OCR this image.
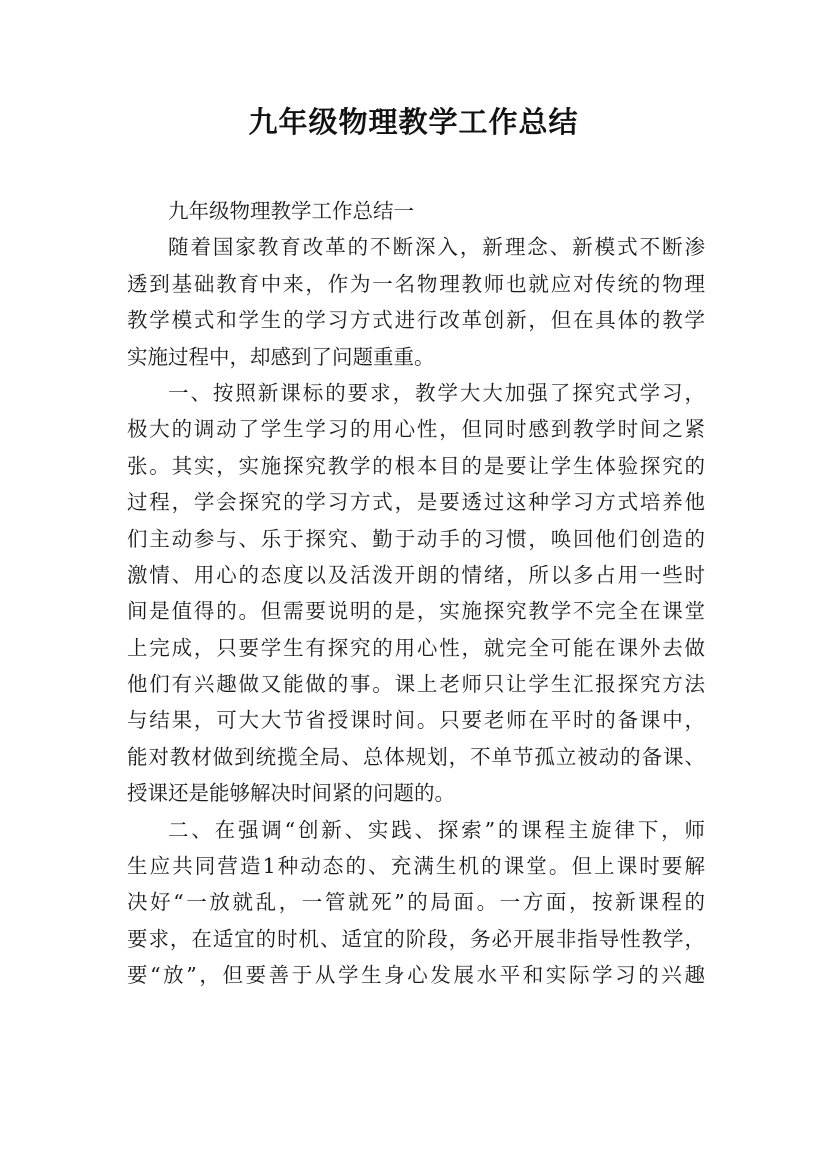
九年级物理教学工作总结
九年级物理教学工作总结一
随着国家教育改革的不断深入，新理念、新模式不断渗
透到基础教育中来，作为一名物理教师也就应对传统的物理
教学模式和学生的学习方式进行改革创新，但在具体的教学
实施过程中，却感到了问题重重。
一、按照新课标的要求，教学大大加强了探究式学习，
极大的调动了学生学习的用心性，但同时感到教学时间之紧
张。其实，实施探究教学的根本目的是要让学生体验探究的
过程，学会探究的学习方式，是要透过这种学习方式培养他
们主动参与、乐于探究、勤于动手的习惯，唤回他们创造的
激情、用心的态度以及活泼开朗的情绪，所以多占用一些时
间是值得的。但需要说明的是，实施探究教学不完全在课堂
上完成，只要学生有探究的用心性，就完全可能在课外去做
他们有兴趣做又能做的事。课上老师只让学生汇报探究方法
与结果，可大大节省授课时间。只要老师在平时的备课中，
能对教材做到统揽全局、总体规划，不单节孤立被动的备课、
授课还是能够解决时间紧的问题的。
二、在强调“创新、实践、探索”的课程主旋律下，师
生应共同营造1种动态的、充满生机的课堂。但上课时要解
决好“一放就乱，一管就死”的局面。一方面，按新课程的
要求，在适宜的时机、适宜的阶段，务必开展非指导性教学，
要“放”，但要善于从学生身心发展水平和实际学习的兴趣
